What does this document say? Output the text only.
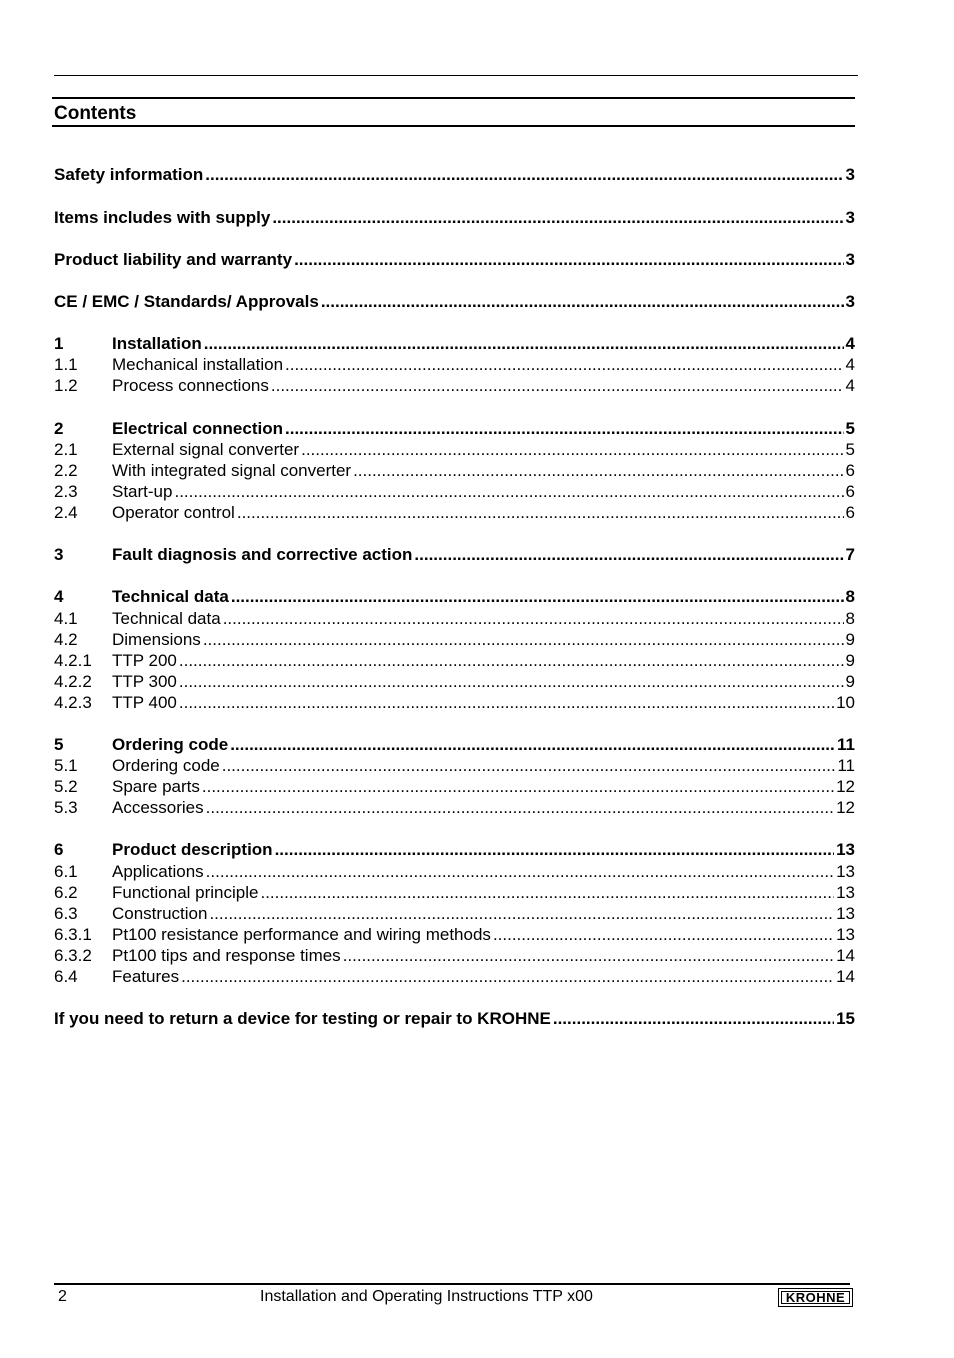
Contents
Safety information .....	3
Items includes with supply .....	3
Product liability and warranty .....	3
CE / EMC / Standards/ Approvals .....	3
1	Installation .....	4
1.1	Mechanical installation .....	4
1.2	Process connections .....	4
2	Electrical connection .....	5
2.1	External signal converter .....	5
2.2	With integrated signal converter .....	6
2.3	Start-up .....	6
2.4	Operator control .....	6
3	Fault diagnosis and corrective action .....	7
4	Technical data .....	8
4.1	Technical data .....	8
4.2	Dimensions .....	9
4.2.1	TTP 200 .....	9
4.2.2	TTP 300 .....	9
4.2.3	TTP 400 .....	10
5	Ordering code .....	11
5.1	Ordering code .....	11
5.2	Spare parts .....	12
5.3	Accessories .....	12
6	Product description .....	13
6.1	Applications .....	13
6.2	Functional principle .....	13
6.3	Construction .....	13
6.3.1	Pt100 resistance performance and wiring methods .....	13
6.3.2	Pt100 tips and response times .....	14
6.4	Features .....	14
If you need to return a device for testing or repair to KROHNE .....	15
2	Installation and Operating Instructions TTP x00	KROHNE
